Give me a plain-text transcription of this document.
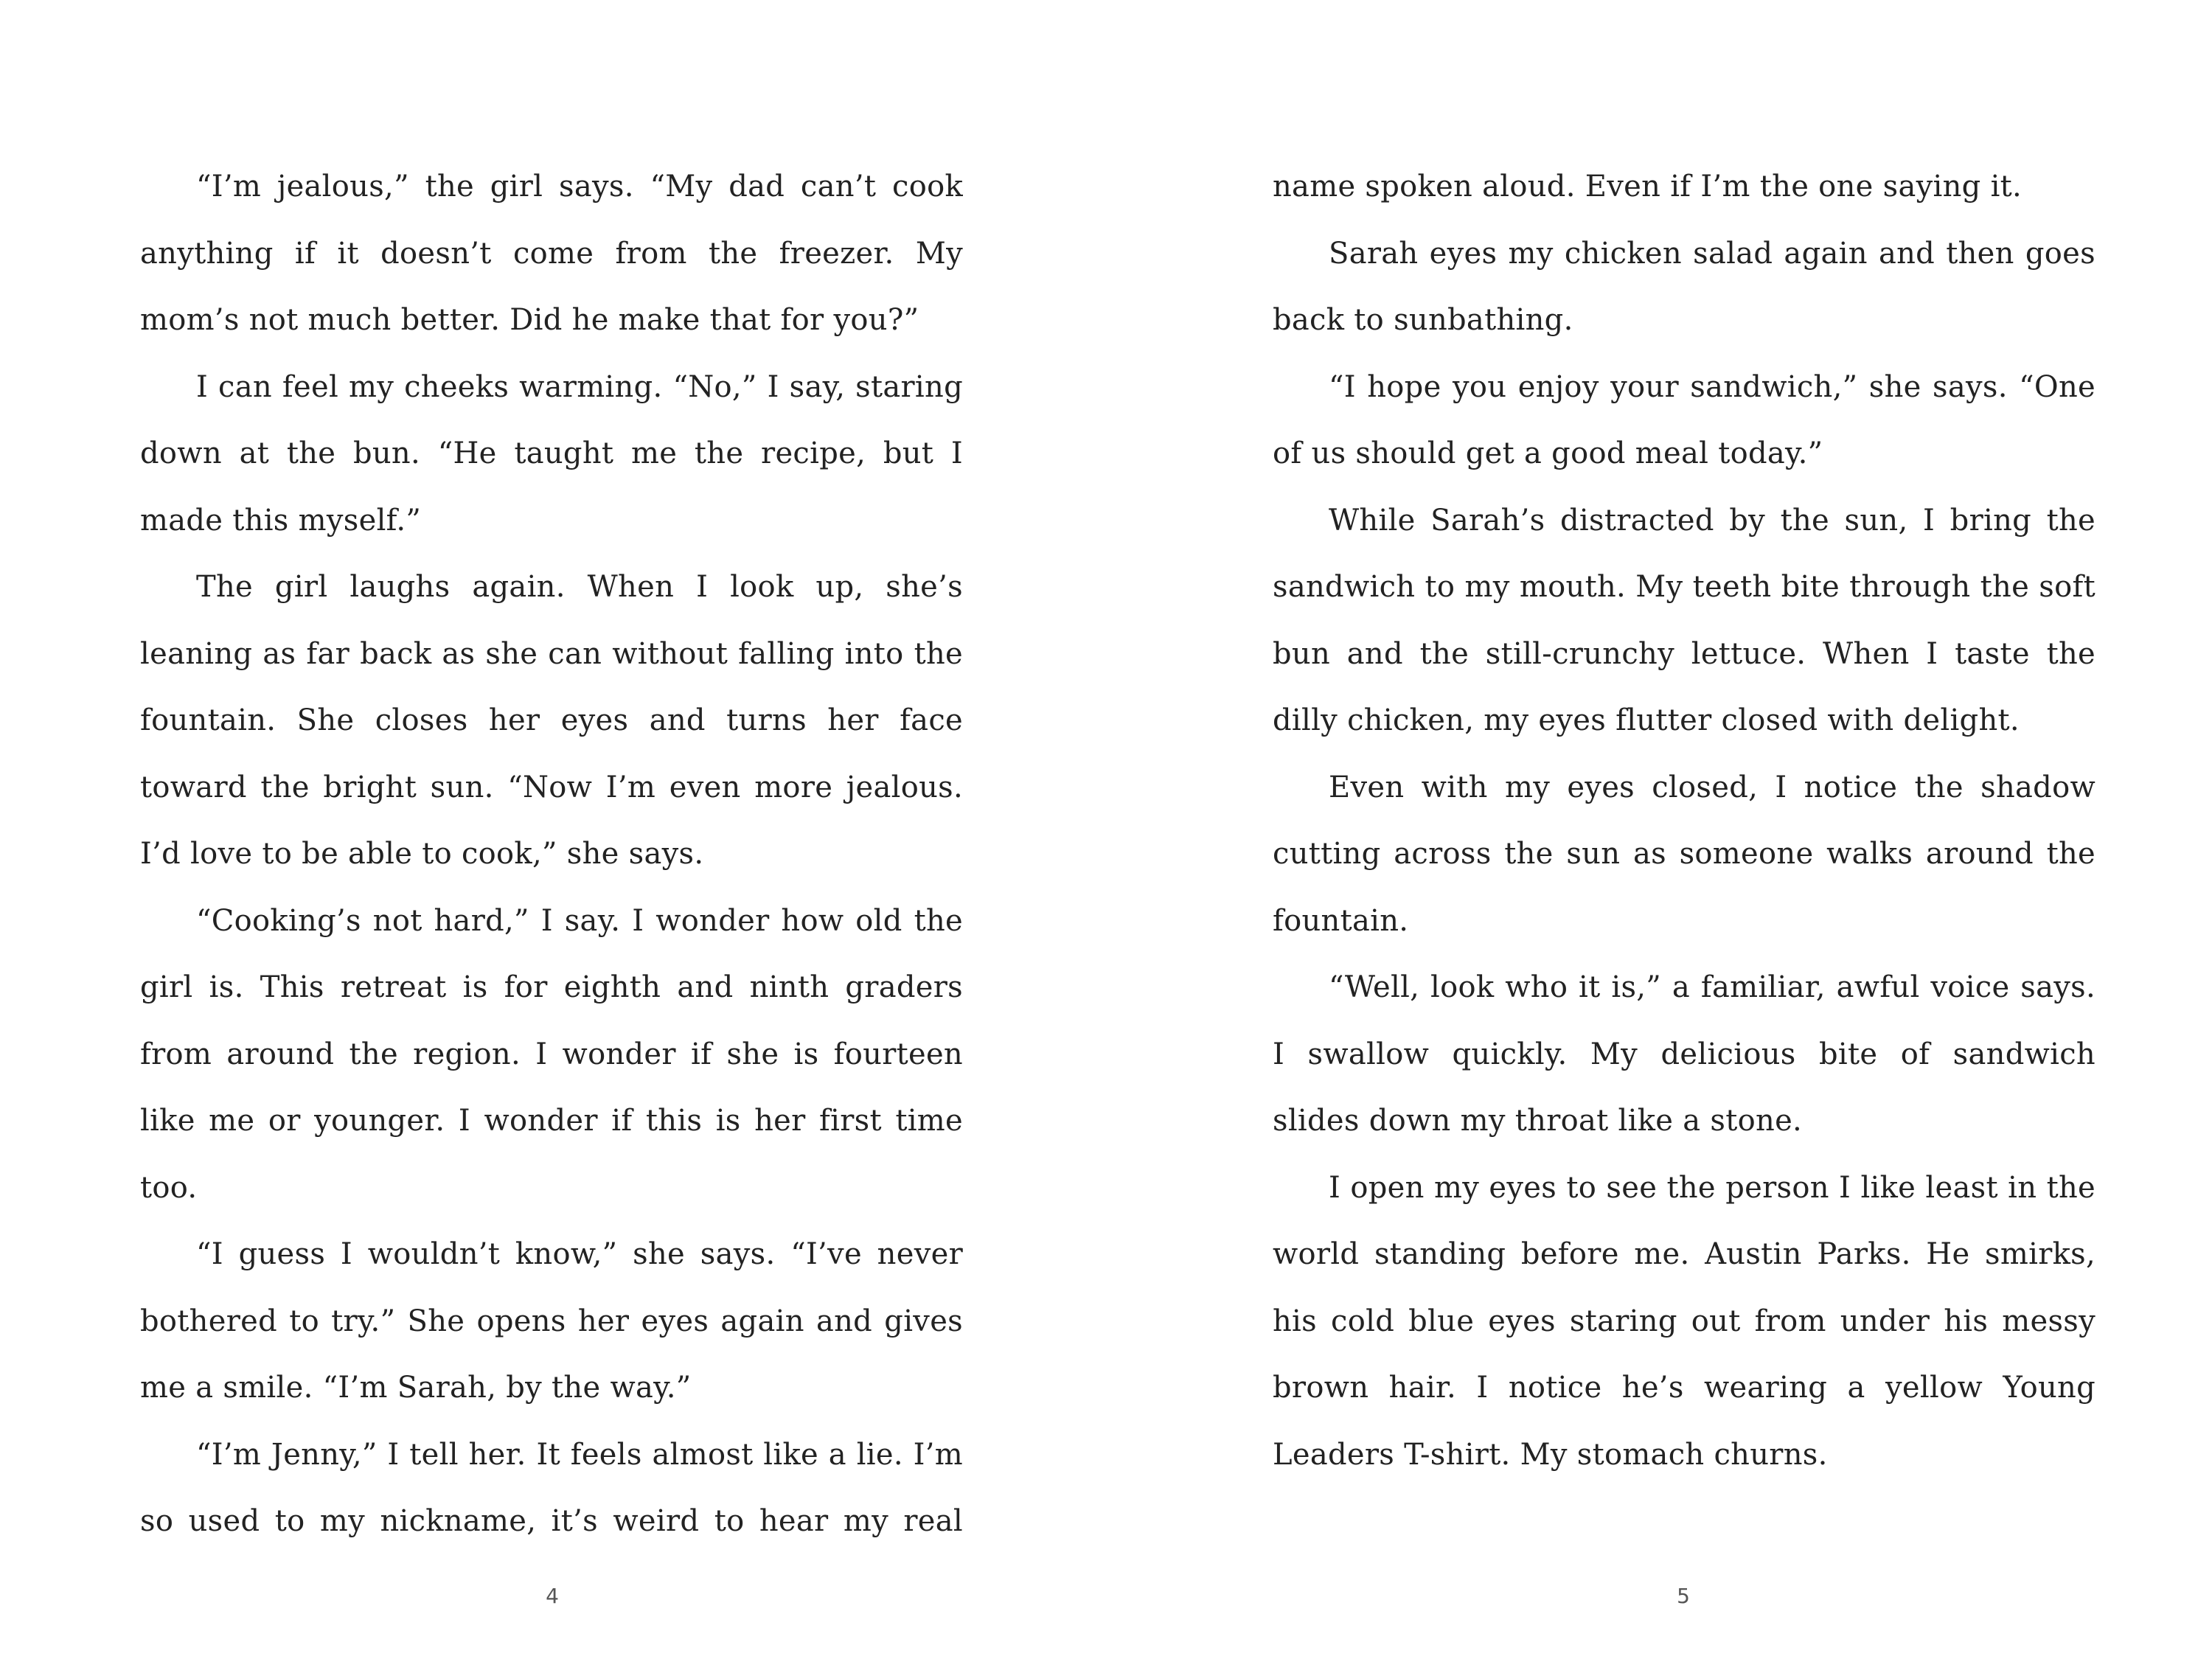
“I’m jealous,” the girl says. “My dad can’t cook anything if it doesn’t come from the freezer. My mom’s not much better. Did he make that for you?”

I can feel my cheeks warming. “No,” I say, staring down at the bun. “He taught me the recipe, but I made this myself.”

The girl laughs again. When I look up, she’s leaning as far back as she can without falling into the fountain. She closes her eyes and turns her face toward the bright sun. “Now I’m even more jealous. I’d love to be able to cook,” she says.

“Cooking’s not hard,” I say. I wonder how old the girl is. This retreat is for eighth and ninth graders from around the region. I wonder if she is fourteen like me or younger. I wonder if this is her first time too.

“I guess I wouldn’t know,” she says. “I’ve never bothered to try.” She opens her eyes again and gives me a smile. “I’m Sarah, by the way.”

“I’m Jenny,” I tell her. It feels almost like a lie. I’m so used to my nickname, it’s weird to hear my real

4

name spoken aloud. Even if I’m the one saying it.

Sarah eyes my chicken salad again and then goes back to sunbathing.

“I hope you enjoy your sandwich,” she says. “One of us should get a good meal today.”

While Sarah’s distracted by the sun, I bring the sandwich to my mouth. My teeth bite through the soft bun and the still-crunchy lettuce. When I taste the dilly chicken, my eyes flutter closed with delight.

Even with my eyes closed, I notice the shadow cutting across the sun as someone walks around the fountain.

“Well, look who it is,” a familiar, awful voice says. I swallow quickly. My delicious bite of sandwich slides down my throat like a stone.

I open my eyes to see the person I like least in the world standing before me. Austin Parks. He smirks, his cold blue eyes staring out from under his messy brown hair. I notice he’s wearing a yellow Young Leaders T-shirt. My stomach churns.

5
